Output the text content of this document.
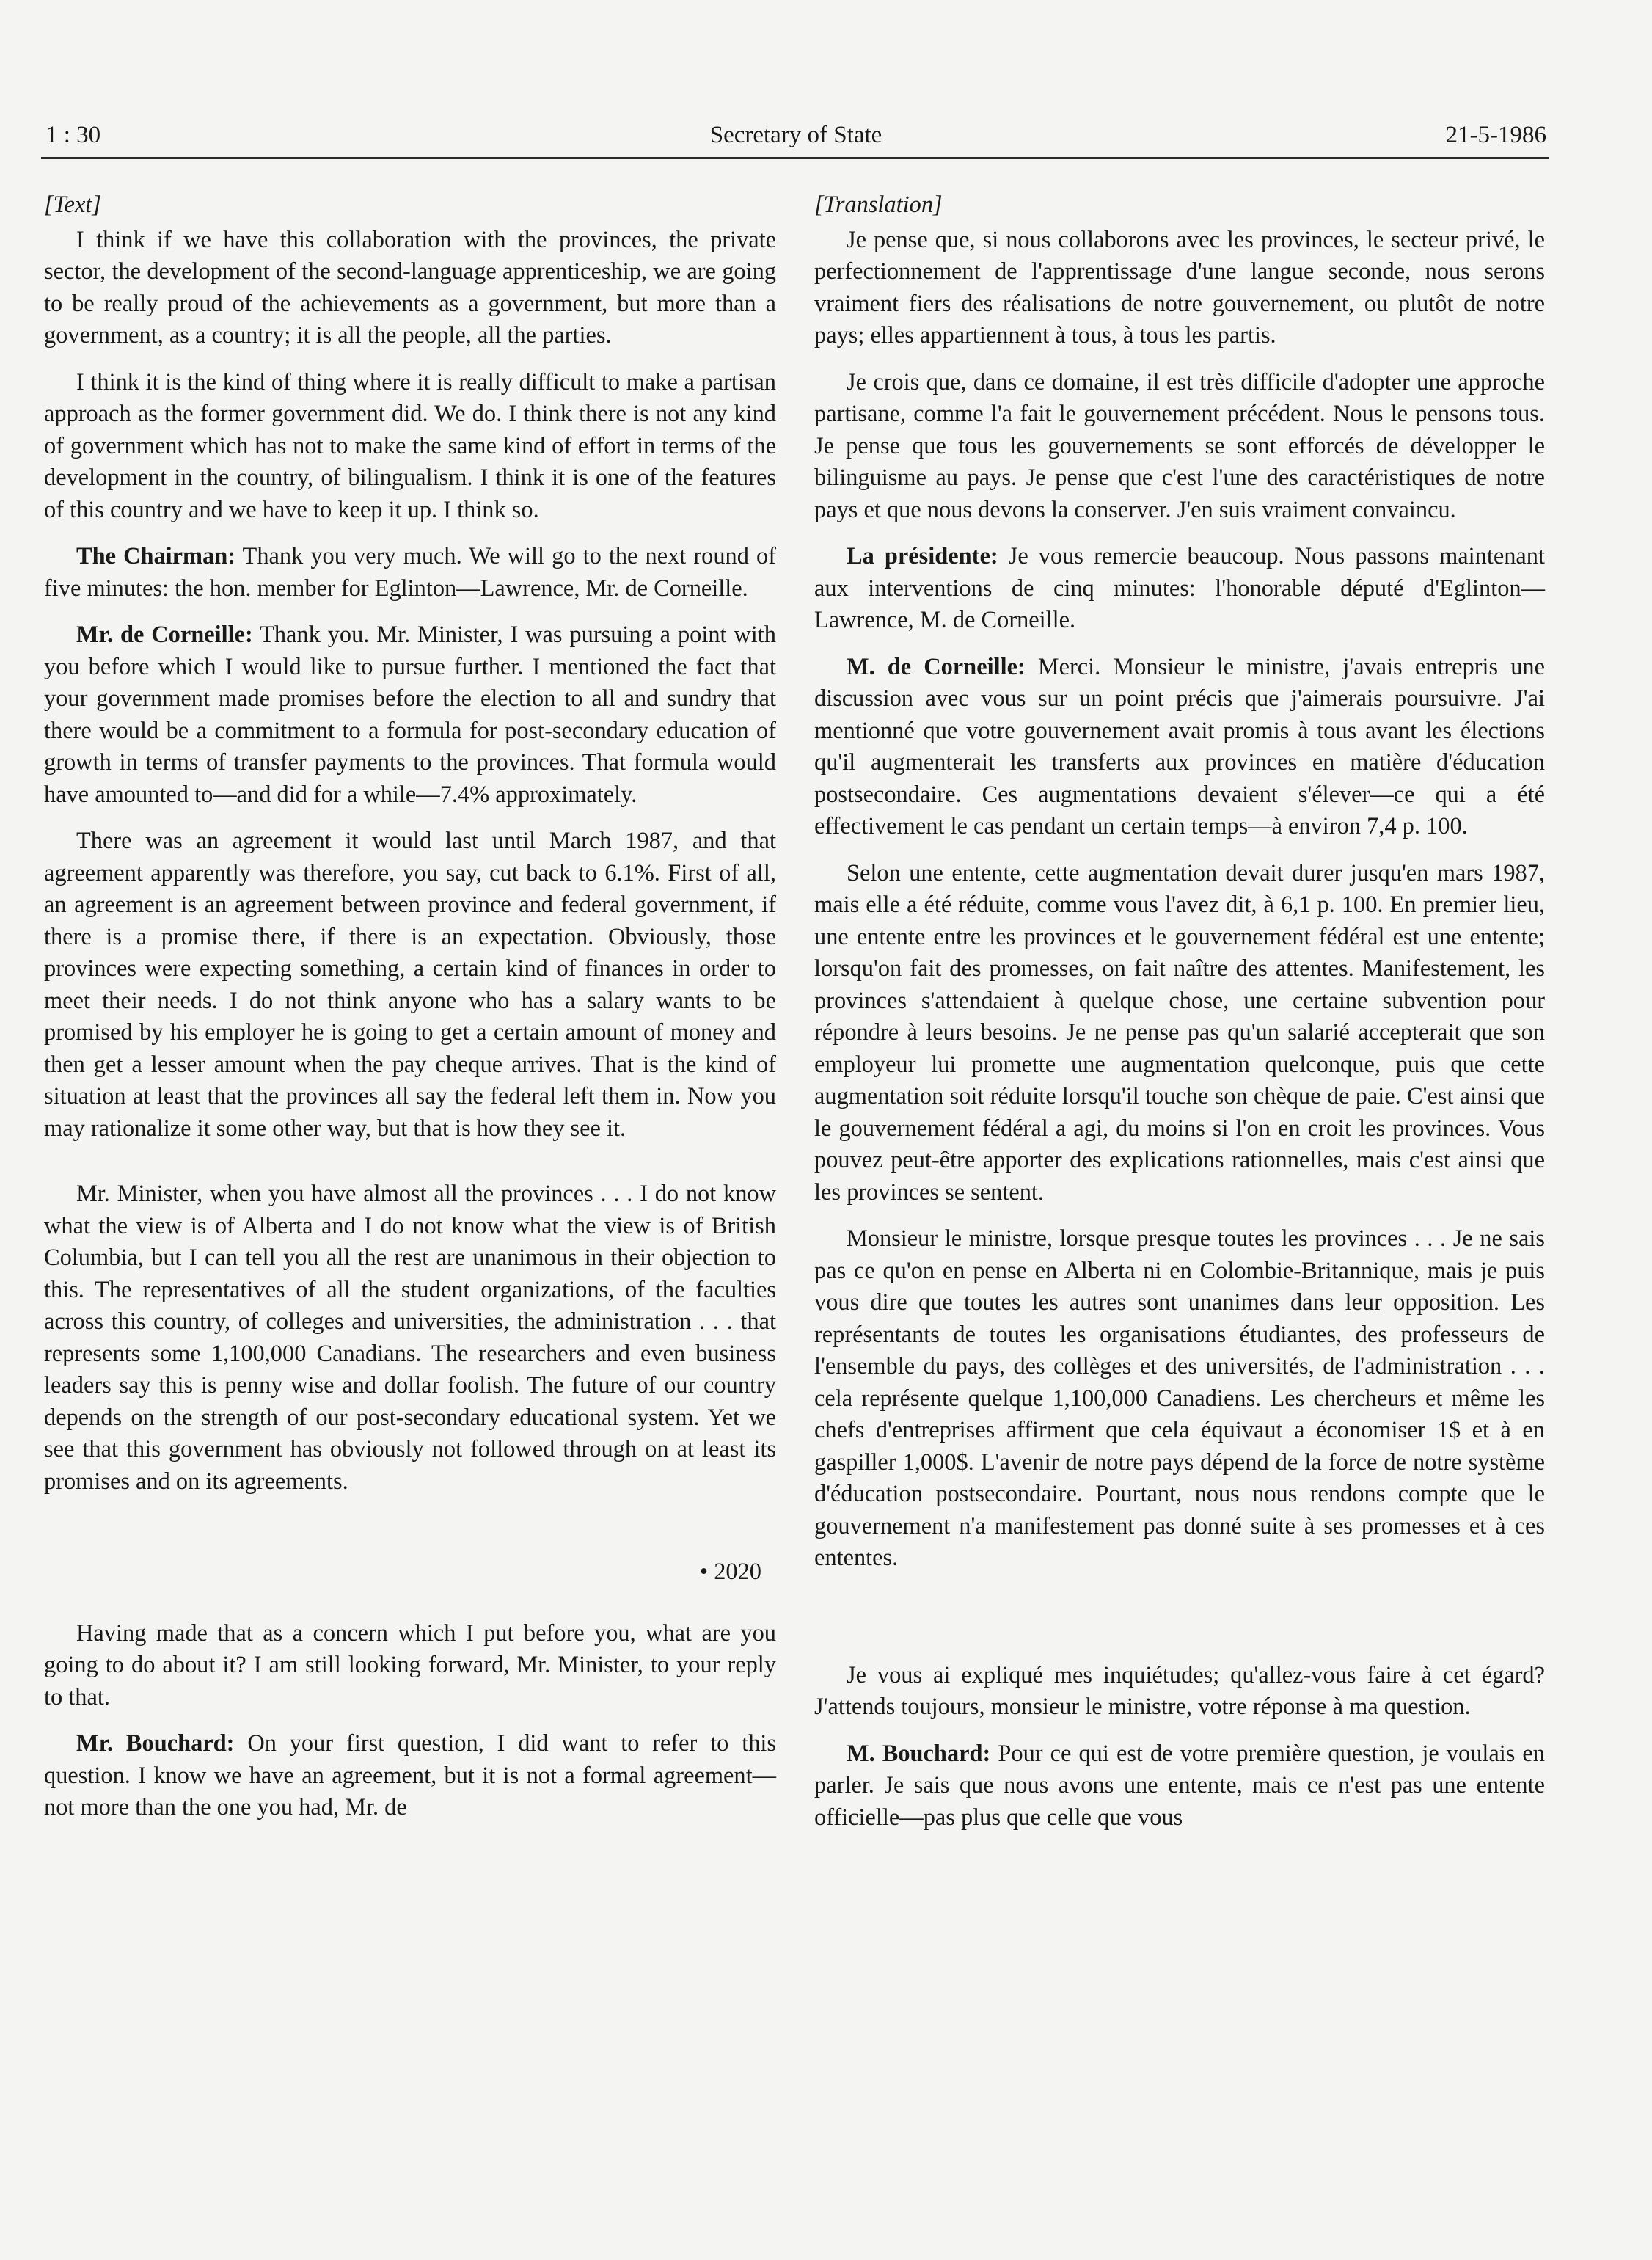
1 : 30	Secretary of State	21-5-1986

[Text]

I think if we have this collaboration with the provinces, the private sector, the development of the second-language apprenticeship, we are going to be really proud of the achievements as a government, but more than a government, as a country; it is all the people, all the parties.

I think it is the kind of thing where it is really difficult to make a partisan approach as the former government did. We do. I think there is not any kind of government which has not to make the same kind of effort in terms of the development in the country, of bilingualism. I think it is one of the features of this country and we have to keep it up. I think so.

The Chairman: Thank you very much. We will go to the next round of five minutes: the hon. member for Eglinton—Lawrence, Mr. de Corneille.

Mr. de Corneille: Thank you. Mr. Minister, I was pursuing a point with you before which I would like to pursue further. I mentioned the fact that your government made promises before the election to all and sundry that there would be a commitment to a formula for post-secondary education of growth in terms of transfer payments to the provinces. That formula would have amounted to—and did for a while—7.4% approximately.

There was an agreement it would last until March 1987, and that agreement apparently was therefore, you say, cut back to 6.1%. First of all, an agreement is an agreement between province and federal government, if there is a promise there, if there is an expectation. Obviously, those provinces were expecting something, a certain kind of finances in order to meet their needs. I do not think anyone who has a salary wants to be promised by his employer he is going to get a certain amount of money and then get a lesser amount when the pay cheque arrives. That is the kind of situation at least that the provinces all say the federal left them in. Now you may rationalize it some other way, but that is how they see it.

Mr. Minister, when you have almost all the provinces . . . I do not know what the view is of Alberta and I do not know what the view is of British Columbia, but I can tell you all the rest are unanimous in their objection to this. The representatives of all the student organizations, of the faculties across this country, of colleges and universities, the administration . . . that represents some 1,100,000 Canadians. The researchers and even business leaders say this is penny wise and dollar foolish. The future of our country depends on the strength of our post-secondary educational system. Yet we see that this government has obviously not followed through on at least its promises and on its agreements.

• 2020

Having made that as a concern which I put before you, what are you going to do about it? I am still looking forward, Mr. Minister, to your reply to that.

Mr. Bouchard: On your first question, I did want to refer to this question. I know we have an agreement, but it is not a formal agreement—not more than the one you had, Mr. de

[Translation]

Je pense que, si nous collaborons avec les provinces, le secteur privé, le perfectionnement de l'apprentissage d'une langue seconde, nous serons vraiment fiers des réalisations de notre gouvernement, ou plutôt de notre pays; elles appartiennent à tous, à tous les partis.

Je crois que, dans ce domaine, il est très difficile d'adopter une approche partisane, comme l'a fait le gouvernement précédent. Nous le pensons tous. Je pense que tous les gouvernements se sont efforcés de développer le bilinguisme au pays. Je pense que c'est l'une des caractéristiques de notre pays et que nous devons la conserver. J'en suis vraiment convaincu.

La présidente: Je vous remercie beaucoup. Nous passons maintenant aux interventions de cinq minutes: l'honorable député d'Eglinton—Lawrence, M. de Corneille.

M. de Corneille: Merci. Monsieur le ministre, j'avais entrepris une discussion avec vous sur un point précis que j'aimerais poursuivre. J'ai mentionné que votre gouvernement avait promis à tous avant les élections qu'il augmenterait les transferts aux provinces en matière d'éducation postsecondaire. Ces augmentations devaient s'élever—ce qui a été effectivement le cas pendant un certain temps—à environ 7,4 p. 100.

Selon une entente, cette augmentation devait durer jusqu'en mars 1987, mais elle a été réduite, comme vous l'avez dit, à 6,1 p. 100. En premier lieu, une entente entre les provinces et le gouvernement fédéral est une entente; lorsqu'on fait des promesses, on fait naître des attentes. Manifestement, les provinces s'attendaient à quelque chose, une certaine subvention pour répondre à leurs besoins. Je ne pense pas qu'un salarié accepterait que son employeur lui promette une augmentation quelconque, puis que cette augmentation soit réduite lorsqu'il touche son chèque de paie. C'est ainsi que le gouvernement fédéral a agi, du moins si l'on en croit les provinces. Vous pouvez peut-être apporter des explications rationnelles, mais c'est ainsi que les provinces se sentent.

Monsieur le ministre, lorsque presque toutes les provinces . . . Je ne sais pas ce qu'on en pense en Alberta ni en Colombie-Britannique, mais je puis vous dire que toutes les autres sont unanimes dans leur opposition. Les représentants de toutes les organisations étudiantes, des professeurs de l'ensemble du pays, des collèges et des universités, de l'administration . . . cela représente quelque 1,100,000 Canadiens. Les chercheurs et même les chefs d'entreprises affirment que cela équivaut a économiser 1$ et à en gaspiller 1,000$. L'avenir de notre pays dépend de la force de notre système d'éducation postsecondaire. Pourtant, nous nous rendons compte que le gouvernement n'a manifestement pas donné suite à ses promesses et à ces ententes.

Je vous ai expliqué mes inquiétudes; qu'allez-vous faire à cet égard? J'attends toujours, monsieur le ministre, votre réponse à ma question.

M. Bouchard: Pour ce qui est de votre première question, je voulais en parler. Je sais que nous avons une entente, mais ce n'est pas une entente officielle—pas plus que celle que vous
